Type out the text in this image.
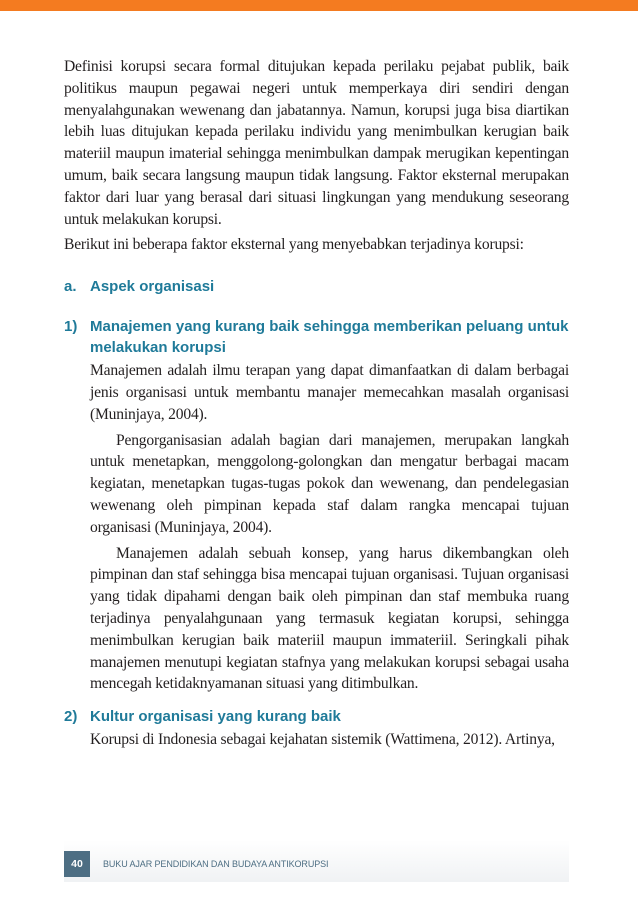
Definisi korupsi secara formal ditujukan kepada perilaku pejabat publik, baik politikus maupun pegawai negeri untuk memperkaya diri sendiri dengan menyalahgunakan wewenang dan jabatannya. Namun, korupsi juga bisa diartikan lebih luas ditujukan kepada perilaku individu yang menimbulkan kerugian baik materiil maupun imaterial sehingga menimbulkan dampak merugikan kepentingan umum, baik secara langsung maupun tidak langsung. Faktor eksternal merupakan faktor dari luar yang berasal dari situasi lingkungan yang mendukung seseorang untuk melakukan korupsi.

Berikut ini beberapa faktor eksternal yang menyebabkan terjadinya korupsi:

a. Aspek organisasi
1) Manajemen yang kurang baik sehingga memberikan peluang untuk melakukan korupsi

Manajemen adalah ilmu terapan yang dapat dimanfaatkan di dalam berbagai jenis organisasi untuk membantu manajer memecahkan masalah organisasi (Muninjaya, 2004).

Pengorganisasian adalah bagian dari manajemen, merupakan langkah untuk menetapkan, menggolong-golongkan dan mengatur berbagai macam kegiatan, menetapkan tugas-tugas pokok dan wewenang, dan pendelegasian wewenang oleh pimpinan kepada staf dalam rangka mencapai tujuan organisasi (Muninjaya, 2004).

Manajemen adalah sebuah konsep, yang harus dikembangkan oleh pimpinan dan staf sehingga bisa mencapai tujuan organisasi. Tujuan organisasi yang tidak dipahami dengan baik oleh pimpinan dan staf membuka ruang terjadinya penyalahgunaan yang termasuk kegiatan korupsi, sehingga menimbulkan kerugian baik materiil maupun immateriil. Seringkali pihak manajemen menutupi kegiatan stafnya yang melakukan korupsi sebagai usaha mencegah ketidaknyamanan situasi yang ditimbulkan.

2) Kultur organisasi yang kurang baik

Korupsi di Indonesia sebagai kejahatan sistemik (Wattimena, 2012). Artinya,

40	BUKU AJAR PENDIDIKAN DAN BUDAYA ANTIKORUPSI
